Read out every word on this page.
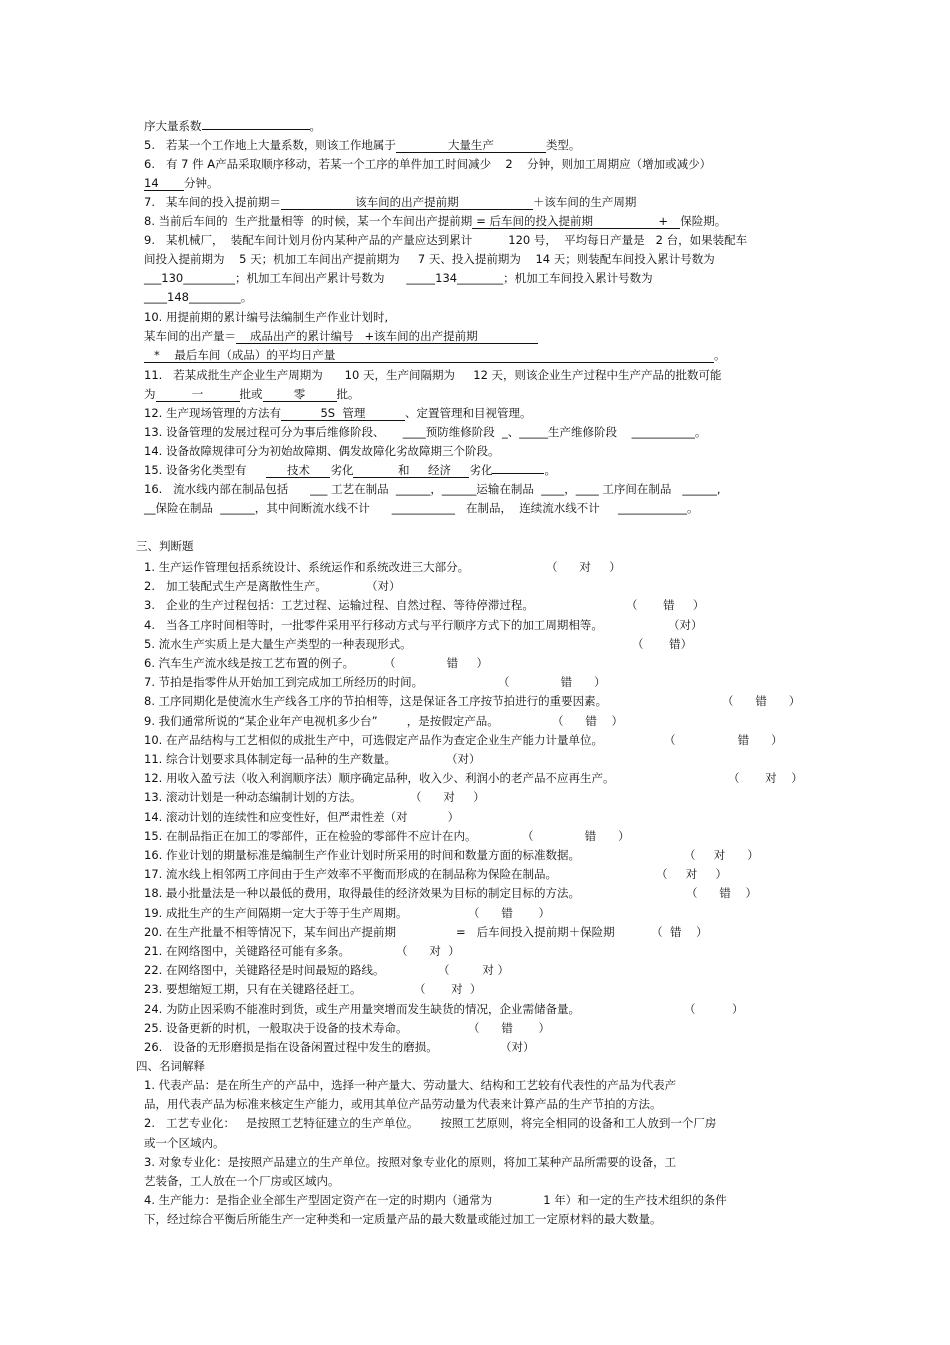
序大量系数	。
5.   若某一个工作地上大量系数，则该工作地属于	大量生产	类型。
6.   有 7 件 A产品采取顺序移动，若某一个工序的单件加工时间减少 2 分钟，则加工周期应（增加或减少）
14 分钟。
7.   某车间的投入提前期＝	该车间的出产提前期	＋该车间的生产周期
8. 当前后车间的  生产批量相等  的时候，某一个车间出产提前期 = 后车间的投入提前期	+ 保险期。
9.   某机械厂，  装配车间计划月份内某种产品的产量应达到累计	120 号，  平均每日产量是   2 台，如果装配车
间投入提前期为    5 天；机加工车间出产提前期为     7 天、投入提前期为    14 天；则装配车间投入累计号数为
___130_________；机加工车间出产累计号数为      _____134________；机加工车间投入累计号数为
____148_________。
10. 用提前期的累计编号法编制生产作业计划时,
某车间的出产量＝ 成品出产的累计编号   +该车间的出产提前期
*    最后车间（成品）的平均日产量	。
11.   若某成批生产企业生产周期为      10 天，生产间隔期为     12 天，则该企业生产过程中生产产品的批数可能
为	一	批或	零	批。
12. 生产现场管理的方法有	5S  管理	、定置管理和目视管理。
13. 设备管理的发展过程可分为事后维修阶段、     ____预防维修阶段  _、_____生产维修阶段    ___________。
14. 设备故障规律可分为初始故障期、偶发故障化劣故障期三个阶段。
15. 设备劣化类型有	技术 劣化	和 经济 劣化	。
16.   流水线内部在制品包括      ___ 工艺在制品  ______，______运输在制品  ____，____ 工序间在制品   ______,
__保险在制品  ______，其中间断流水线不计      ___________   在制品，  连续流水线不计     ____________。
三、判断题
1. 生产运作管理包括系统设计、系统运作和系统改进三大部分。	（      对     ）
2.   加工装配式生产是离散性生产。	（对）
3.   企业的生产过程包括：工艺过程、运输过程、自然过程、等待停滞过程。	（       错     ）
4.   当各工序时间相等时，一批零件采用平行移动方式与平行顺序方式下的加工周期相等。	（对）
5. 流水生产实质上是大量生产类型的一种表现形式。	（       错）
6. 汽车生产流水线是按工艺布置的例子。	（              错     ）
7. 节拍是指零件从开始加工到完成加工所经历的时间。	（              错      ）
8. 工序同期化是使流水生产线各工序的节拍相等，这是保证各工序按节拍进行的重要因素。	（      错      ）
9. 我们通常所说的“某企业年产电视机多少台”        ，是按假定产品。	（      错    ）
10. 在产品结构与工艺相似的成批生产中，可选假定产品作为查定企业生产能力计量单位。	（                 错      ）
11. 综合计划要求具体制定每一品种的生产数量。	（对）
12. 用收入盈亏法（收入利润顺序法）顺序确定品种，收入少、利润小的老产品不应再生产。	（       对    ）
13. 滚动计划是一种动态编制计划的方法。	（      对     ）
14. 滚动计划的连续性和应变性好，但严肃性差（对           ）
15. 在制品指正在加工的零部件，正在检验的零部件不应计在内。	（              错      ）
16. 作业计划的期量标准是编制生产作业计划时所采用的时间和数量方面的标准数据。	（     对      ）
17. 流水线上相邻两工序间由于生产效率不平衡而形成的在制品称为保险在制品。	（     对     ）
18. 最小批量法是一种以最低的费用，取得最佳的经济效果为目标的制定目标的方法。	（      错    ）
19. 成批生产的生产间隔期一定大于等于生产周期。	（      错       ）
20. 在生产批量不相等情况下，某车间出产提前期	=   后车间投入提前期＋保险期          （  错    ）
21. 在网络图中，关键路径可能有多条。	（      对  ）
22. 在网络图中，关键路径是时间最短的路线。	（         对 ）
23. 要想缩短工期，只有在关键路径赶工。	（       对  ）
24. 为防止因采购不能准时到货，或生产用量突增而发生缺货的情况，企业需储备量。	（          ）
25. 设备更新的时机，一般取决于设备的技术寿命。	（      错       ）
26.   设备的无形磨损是指在设备闲置过程中发生的磨损。	（对）
四、名词解释
1. 代表产品：是在所生产的产品中，选择一种产量大、劳动量大、结构和工艺较有代表性的产品为代表产
品，用代表产品为标准来核定生产能力，或用其单位产品劳动量为代表来计算产品的生产节拍的方法。
2.   工艺专业化：   是按照工艺特征建立的生产单位。      按照工艺原则，将完全相同的设备和工人放到一个厂房
或一个区域内。
3. 对象专业化：是按照产品建立的生产单位。按照对象专业化的原则，将加工某种产品所需要的设备，工
艺装备，工人放在一个厂房或区域内。
4. 生产能力：是指企业全部生产型固定资产在一定的时期内（通常为              1 年）和一定的生产技术组织的条件
下，经过综合平衡后所能生产一定种类和一定质量产品的最大数量或能过加工一定原材料的最大数量。
